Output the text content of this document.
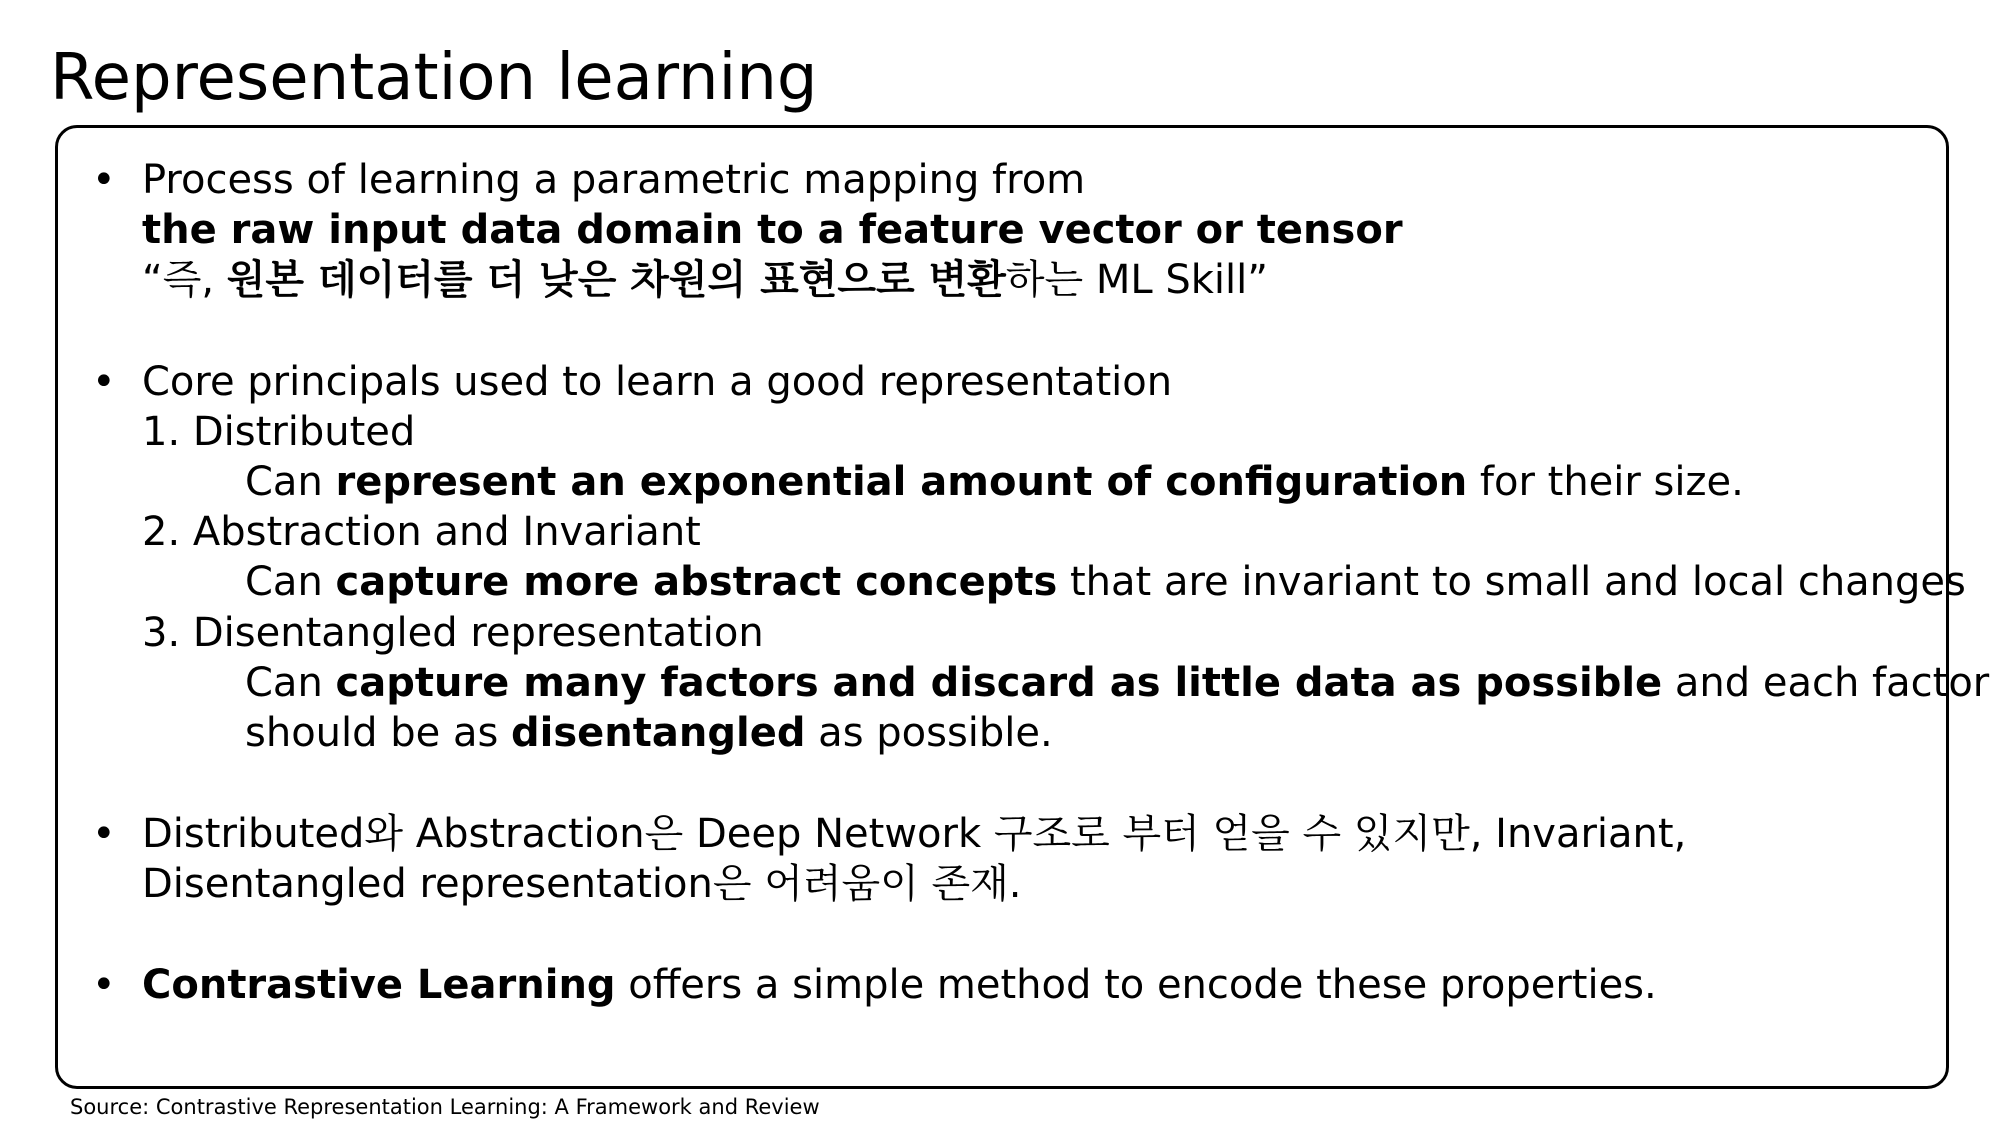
Representation learning
• Process of learning a parametric mapping from
the raw input data domain to a feature vector or tensor
“즉, 원본 데이터를 더 낮은 차원의 표현으로 변환하는 ML Skill”
• Core principals used to learn a good representation
1. Distributed
Can represent an exponential amount of configuration for their size.
2. Abstraction and Invariant
Can capture more abstract concepts that are invariant to small and local changes
3. Disentangled representation
Can capture many factors and discard as little data as possible and each factor
should be as disentangled as possible.
• Distributed와 Abstraction은 Deep Network 구조로 부터 얻을 수 있지만, Invariant,
Disentangled representation은 어려움이 존재.
• Contrastive Learning offers a simple method to encode these properties.
Source: Contrastive Representation Learning: A Framework and Review
